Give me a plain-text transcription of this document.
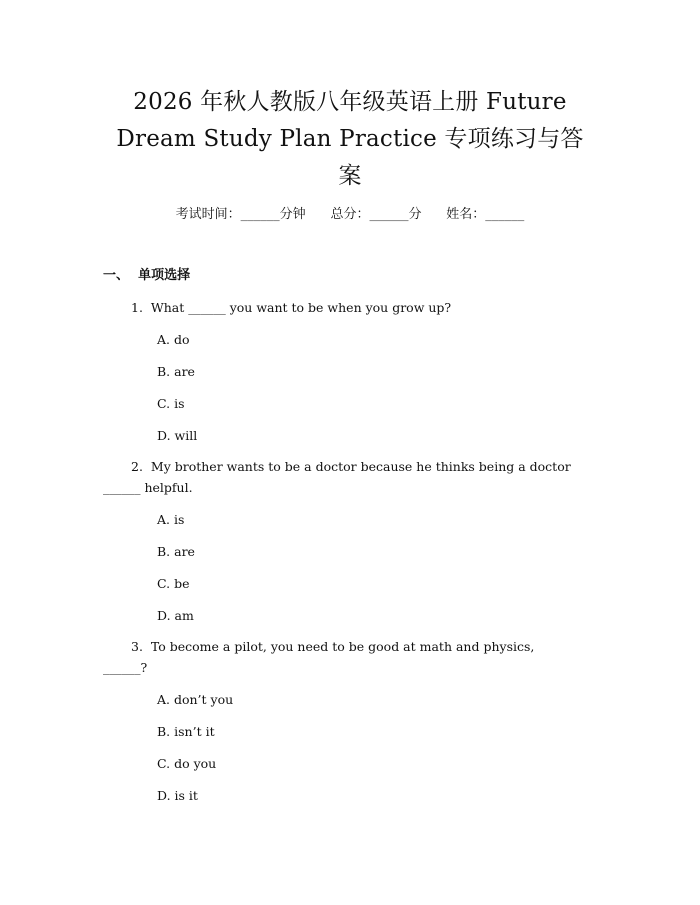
2026 年秋人教版八年级英语上册 Future
Dream Study Plan Practice 专项练习与答
案
考试时间：______分钟 总分：______分 姓名：______
一、 单项选择
1. What ______ you want to be when you grow up?
A. do
B. are
C. is
D. will
2. My brother wants to be a doctor because he thinks being a doctor
______ helpful.
A. is
B. are
C. be
D. am
3. To become a pilot, you need to be good at math and physics,
______?
A. don’t you
B. isn’t it
C. do you
D. is it
